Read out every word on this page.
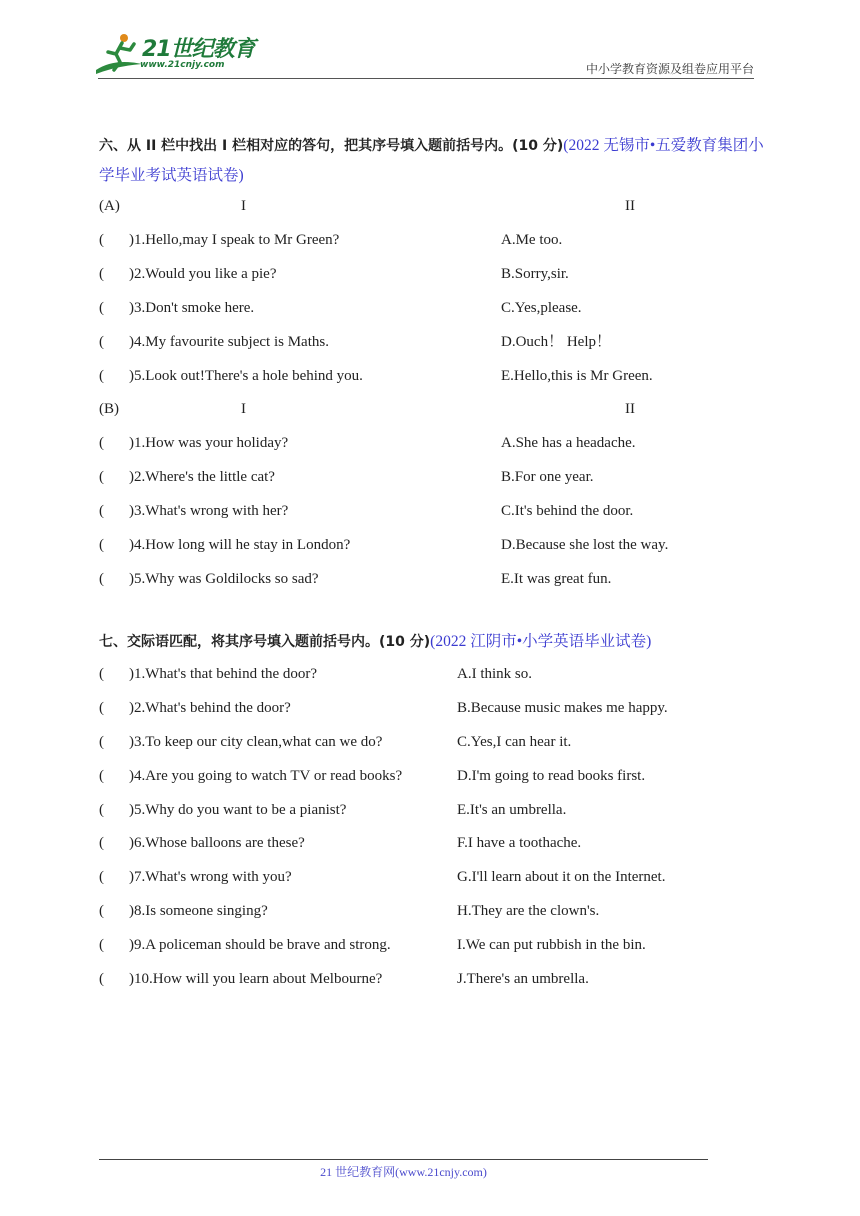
21世纪教育
www.21cnjy.com	中小学教育资源及组卷应用平台
六、从 II 栏中找出 I 栏相对应的答句，把其序号填入题前括号内。(10 分)(2022 无锡市•五爱教育集团小学毕业考试英语试卷)
(A)	I	II
( )1.Hello,may I speak to Mr Green?	A.Me too.
( )2.Would you like a pie?	B.Sorry,sir.
( )3.Don't smoke here.	C.Yes,please.
( )4.My favourite subject is Maths.	D.Ouch！ Help！
( )5.Look out!There's a hole behind you.	E.Hello,this is Mr Green.
(B)	I	II
( )1.How was your holiday?	A.She has a headache.
( )2.Where's the little cat?	B.For one year.
( )3.What's wrong with her?	C.It's behind the door.
( )4.How long will he stay in London?	D.Because she lost the way.
( )5.Why was Goldilocks so sad?	E.It was great fun.
七、交际语匹配，将其序号填入题前括号内。(10 分)(2022 江阴市•小学英语毕业试卷)
( )1.What's that behind the door?	A.I think so.
( )2.What's behind the door?	B.Because music makes me happy.
( )3.To keep our city clean,what can we do?	C.Yes,I can hear it.
( )4.Are you going to watch TV or read books?	D.I'm going to read books first.
( )5.Why do you want to be a pianist?	E.It's an umbrella.
( )6.Whose balloons are these?	F.I have a toothache.
( )7.What's wrong with you?	G.I'll learn about it on the Internet.
( )8.Is someone singing?	H.They are the clown's.
( )9.A policeman should be brave and strong.	I.We can put rubbish in the bin.
( )10.How will you learn about Melbourne?	J.There's an umbrella.
21 世纪教育网(www.21cnjy.com)
